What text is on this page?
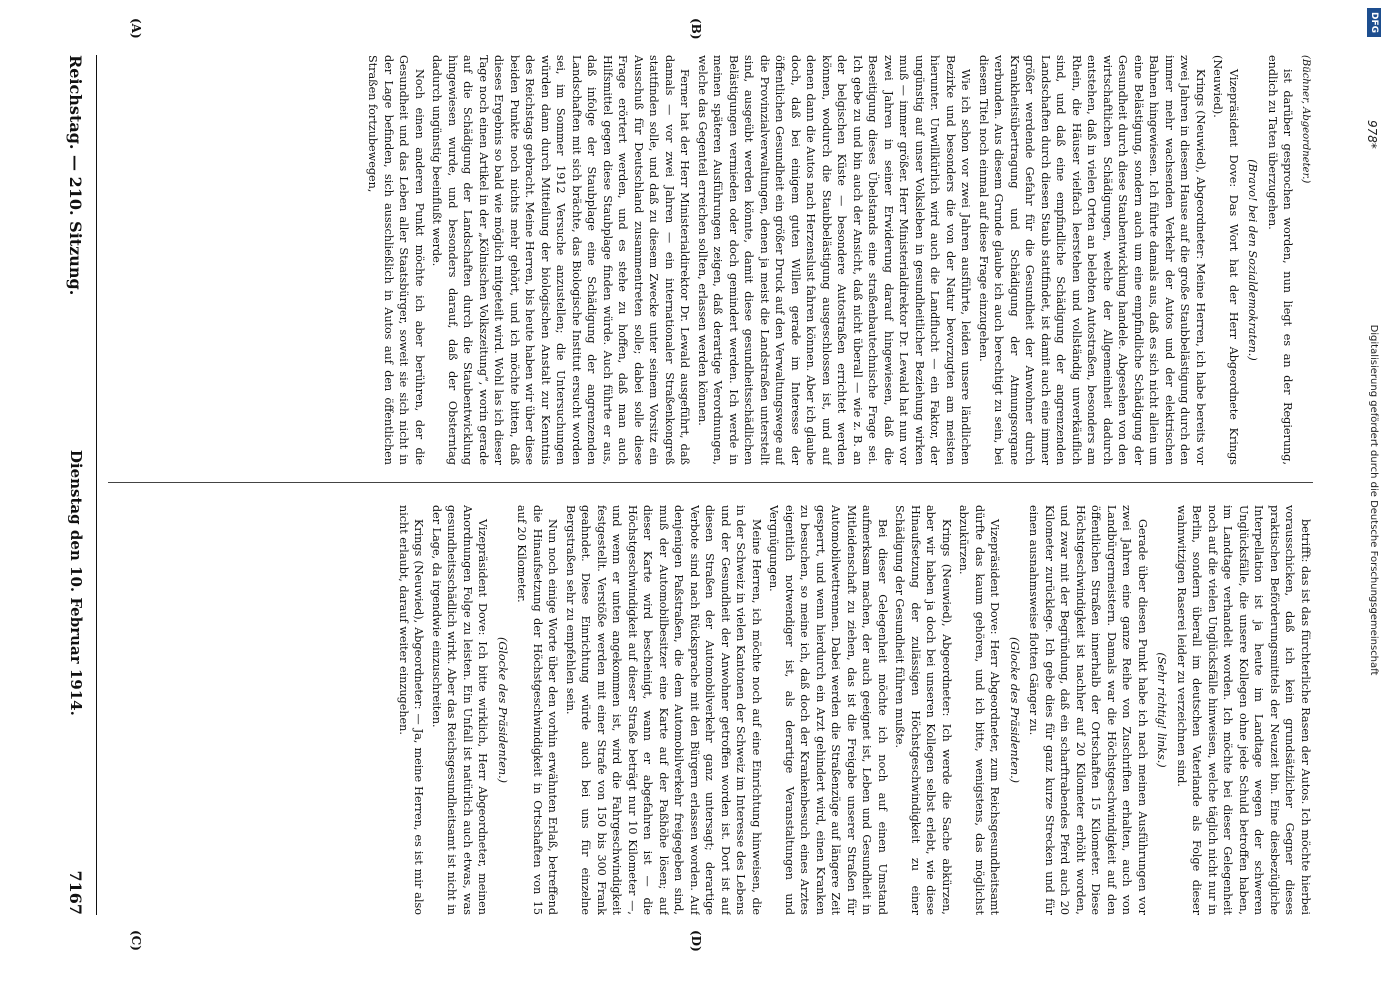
DFG
978*
Digitalisierung gefördert durch die Deutsche Forschungsgemeinschaft

(Büchner, Abgeordneter.)

ist darüber gesprochen worden, nun liegt es an der Regierung, endlich zu Taten überzugehen.

(Bravo! bei den Sozialdemokraten.)

Vizepräsident Dove: Das Wort hat der Herr Abgeordnete Krings (Neuwied).

Krings (Neuwied), Abgeordneter: Meine Herren, ich habe bereits vor zwei Jahren in diesem Hause auf die große Staubbelästigung durch den immer mehr wachsenden Verkehr der Autos und der elektrischen Bahnen hingewiesen. Ich führte damals aus, daß es sich nicht allein um eine Belästigung, sondern auch um eine empfindliche Schädigung der Gesundheit durch diese Staubentwicklung handele. Abgesehen von den wirtschaftlichen Schädigungen, welche der Allgemeinheit dadurch entstehen, daß in vielen Orten an belebten Autostraßen, besonders am Rhein, die Häuser vielfach leerstehen und vollständig unverkäuflich sind, und daß eine empfindliche Schädigung der angrenzenden Landschaften durch diesen Staub stattfindet, ist damit auch eine immer größer werdende Gefahr für die Gesundheit der Anwohner durch Krankheitsübertragung und Schädigung der Atmungsorgane verbunden. Aus diesem Grunde glaube ich auch berechtigt zu sein, bei diesem Titel noch einmal auf diese Frage einzugehen.

Wie ich schon vor zwei Jahren ausführte, leiden unsere ländlichen Bezirke und besonders die von der Natur bevorzugten am meisten hierunter. Unwillkürlich wird auch die Landflucht — ein Faktor, der ungünstig auf unser Volksleben in gesundheitlicher Beziehung wirken muß — immer größer. Herr Ministerialdirektor Dr. Lewald hat nun vor zwei Jahren in seiner Erwiderung darauf hingewiesen, daß die Beseitigung dieses Übelstands eine straßenbautechnische Frage sei. Ich gebe zu und bin auch der Ansicht, daß nicht überall — wie z. B. an der belgischen Küste — besondere Autostraßen errichtet werden können, wodurch die Staubbelästigung ausgeschlossen ist, und auf denen dann die Autos nach Herzenslust fahren können. Aber ich glaube doch, daß bei einigem guten Willen gerade im Interesse der öffentlichen Gesundheit ein größer Druck auf den Verwaltungswege auf die Provinzialverwaltungen, denen ja meist die Landstraßen unterstellt sind, ausgeübt werden könnte, damit diese gesundheitsschädlichen Belästigungen vermieden oder doch gemindert werden. Ich werde in meinen späteren Ausführungen zeigen, daß derartige Verordnungen, welche das Gegenteil erreichen sollten, erlassen werden können.

Ferner hat der Herr Ministerialdirektor Dr. Lewald ausgeführt, daß damals — vor zwei Jahren — ein internationaler Straßenkongreß stattfinden solle, und daß zu diesem Zwecke unter seinem Vorsitz ein Ausschuß für Deutschland zusammentreten solle; dabei solle diese Frage erörtert werden, und es stehe zu hoffen, daß man auch Hilfsmittel gegen diese Staubplage finden würde. Auch führte er aus, daß infolge der Staubplage eine Schädigung der angrenzenden Landschaften mit sich brächte, das Biologische Institut ersucht worden sei, im Sommer 1912 Versuche anzustellen; die Untersuchungen würden dann durch Mitteilung der biologischen Anstalt zur Kenntnis des Reichstags gebracht. Meine Herren, bis heute haben wir über diese beiden Punkte noch nichts mehr gehört, und ich möchte bitten, daß dieses Ergebnis so bald wie möglich mitgeteilt wird. Wohl las ich dieser Tage noch einen Artikel in der „Kölnischen Volkszeitung“, worin gerade auf die Schädigung der Landschaften durch die Staubentwicklung hingewiesen wurde, und besonders darauf, daß der Obsterntag dadurch ungünstig beeinflußt werde.

Noch einen anderen Punkt möchte ich aber berühren, der die Gesundheit und das Leben aller Staatsbürger, soweit sie sich nicht in der Lage befinden, sich ausschließlich in Autos auf den öffentlichen Straßen fortzubewegen,

betrifft: das ist das fürchterliche Rasen der Autos. Ich möchte hierbei vorausschicken, daß ich kein grundsätzlicher Gegner dieses praktischen Beförderungsmittels der Neuzeit bin. Eine diesbezügliche Interpellation ist ja heute im Landtage wegen der schweren Unglücksfälle, die unsere Kollegen ohne jede Schuld betroffen haben, im Landtage verhandelt worden. Ich möchte bei dieser Gelegenheit noch auf die vielen Unglücksfälle hinweisen, welche täglich nicht nur in Berlin, sondern überall im deutschen Vaterlande als Folge dieser wahnwitzigen Raserei leider zu verzeichnen sind.

(Sehr richtig! links.)

Gerade über diesen Punkt habe ich nach meinen Ausführungen vor zwei Jahren eine ganze Reihe von Zuschriften erhalten, auch von Landbürgermeistern. Damals war die Höchstgeschwindigkeit auf den öffentlichen Straßen innerhalb der Ortschaften 15 Kilometer. Diese Höchstgeschwindigkeit ist nachher auf 20 Kilometer erhöht worden, und zwar mit der Begründung, daß ein scharftrabendes Pferd auch 20 Kilometer zurücklege. Ich gebe dies für ganz kurze Strecken und für einen ausnahmsweise flotten Gänger zu.

(Glocke des Präsidenten.)

Vizepräsident Dove: Herr Abgeordneter, zum Reichsgesundheitsamt dürfte das kaum gehören, und ich bitte, wenigstens, das möglichst abzukürzen.

Krings (Neuwied), Abgeordneter: Ich werde die Sache abkürzen, aber wir haben ja doch bei unseren Kollegen selbst erlebt, wie diese Hinaufsetzung der zulässigen Höchstgeschwindigkeit zu einer Schädigung der Gesundheit führen mußte.

Bei dieser Gelegenheit möchte ich noch auf einen Umstand aufmerksam machen, der auch geeignet ist, Leben und Gesundheit in Mitleidenschaft zu ziehen, das ist die Freigabe unserer Straßen für Automobilwettrennen. Dabei werden die Straßenzüge auf längere Zeit gesperrt, und wenn hierdurch ein Arzt gehindert wird, einen Kranken zu besuchen, so meine ich, daß doch der Krankenbesuch eines Arztes eigentlich notwendiger ist, als derartige Veranstaltungen und Vergnügungen.

Meine Herren, ich möchte noch auf eine Einrichtung hinweisen, die in der Schweiz in vielen Kantonen der Schweiz im Interesse des Lebens und der Gesundheit der Anwohner getroffen worden ist. Dort ist auf diesen Straßen der Automobilverkehr ganz untersagt; derartige Verbote sind nach Rücksprache mit den Bürgern erlassen worden. Auf denjenigen Paßstraßen, die dem Automobilverkehr freigegeben sind, muß der Automobilbesitzer eine Karte auf der Paßhöhe lösen; auf dieser Karte wird bescheinigt, wann er abgefahren ist — die Höchstgeschwindigkeit auf dieser Straße beträgt nur 10 Kilometer —, und wenn er unten angekommen ist, wird die Fahrgeschwindigkeit festgestellt. Verstöße werden mit einer Strafe von 150 bis 300 Frank geahndet. Diese Einrichtung würde auch bei uns für einzelne Bergstraßen sehr zu empfehlen sein.

Nun noch einige Worte über den vorhin erwähnten Erlaß, betreffend die Hinaufsetzung der Höchstgeschwindigkeit in Ortschaften von 15 auf 20 Kilometer.

(Glocke des Präsidenten.)

Vizepräsident Dove: Ich bitte wirklich, Herr Abgeordneter, meinen Anordnungen Folge zu leisten. Ein Unfall ist natürlich auch etwas, was gesundheitsschädlich wirkt. Aber das Reichsgesundheitsamt ist nicht in der Lage, da irgendwie einzuschreiten.

Krings (Neuwied), Abgeordneter: — Ja, meine Herren, es ist mir also nicht erlaubt, darauf weiter einzugehen.

(A)	(B)
(C)	(D)
Reichstag. — 210. Sitzung.
Dienstag den 10. Februar 1914.
7167
